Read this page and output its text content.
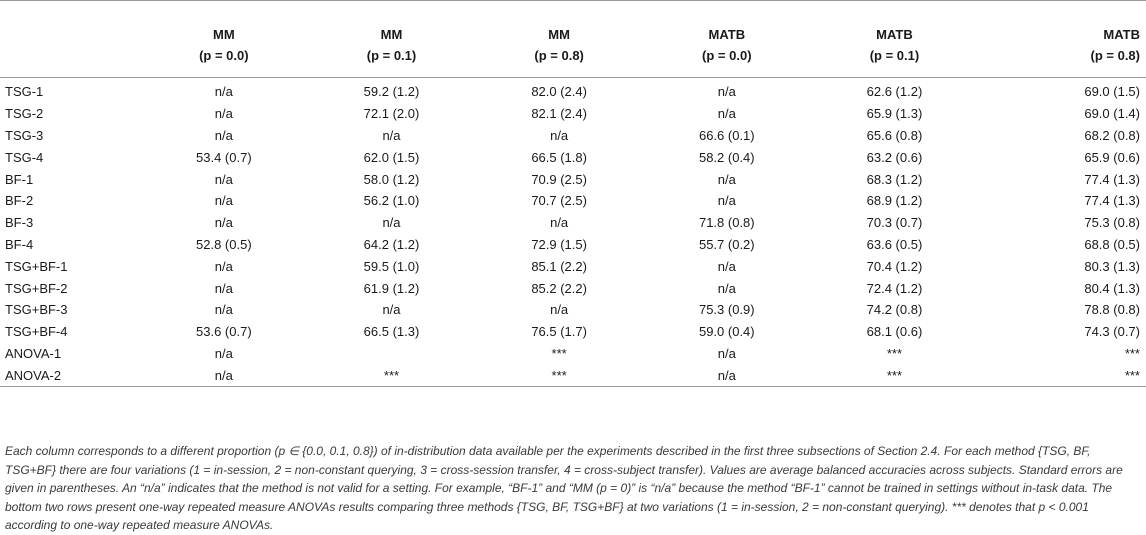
	MM	MM	MM	MATB	MATB	MATB
	(p = 0.0)	(p = 0.1)	(p = 0.8)	(p = 0.0)	(p = 0.1)	(p = 0.8)
TSG-1	n/a	59.2 (1.2)	82.0 (2.4)	n/a	62.6 (1.2)	69.0 (1.5)
TSG-2	n/a	72.1 (2.0)	82.1 (2.4)	n/a	65.9 (1.3)	69.0 (1.4)
TSG-3	n/a	n/a	n/a	66.6 (0.1)	65.6 (0.8)	68.2 (0.8)
TSG-4	53.4 (0.7)	62.0 (1.5)	66.5 (1.8)	58.2 (0.4)	63.2 (0.6)	65.9 (0.6)
BF-1	n/a	58.0 (1.2)	70.9 (2.5)	n/a	68.3 (1.2)	77.4 (1.3)
BF-2	n/a	56.2 (1.0)	70.7 (2.5)	n/a	68.9 (1.2)	77.4 (1.3)
BF-3	n/a	n/a	n/a	71.8 (0.8)	70.3 (0.7)	75.3 (0.8)
BF-4	52.8 (0.5)	64.2 (1.2)	72.9 (1.5)	55.7 (0.2)	63.6 (0.5)	68.8 (0.5)
TSG+BF-1	n/a	59.5 (1.0)	85.1 (2.2)	n/a	70.4 (1.2)	80.3 (1.3)
TSG+BF-2	n/a	61.9 (1.2)	85.2 (2.2)	n/a	72.4 (1.2)	80.4 (1.3)
TSG+BF-3	n/a	n/a	n/a	75.3 (0.9)	74.2 (0.8)	78.8 (0.8)
TSG+BF-4	53.6 (0.7)	66.5 (1.3)	76.5 (1.7)	59.0 (0.4)	68.1 (0.6)	74.3 (0.7)
ANOVA-1	n/a		***	n/a	***	***
ANOVA-2	n/a	***	***	n/a	***	***
Each column corresponds to a different proportion (p ∈ {0.0, 0.1, 0.8}) of in-distribution data available per the experiments described in the first three subsections of Section 2.4. For each method {TSG, BF, TSG+BF} there are four variations (1 = in-session, 2 = non-constant querying, 3 = cross-session transfer, 4 = cross-subject transfer). Values are average balanced accuracies across subjects. Standard errors are given in parentheses. An “n/a” indicates that the method is not valid for a setting. For example, “BF-1” and “MM (p = 0)” is “n/a” because the method “BF-1” cannot be trained in settings without in-task data. The bottom two rows present one-way repeated measure ANOVAs results comparing three methods {TSG, BF, TSG+BF} at two variations (1 = in-session, 2 = non-constant querying). *** denotes that p < 0.001 according to one-way repeated measure ANOVAs.
